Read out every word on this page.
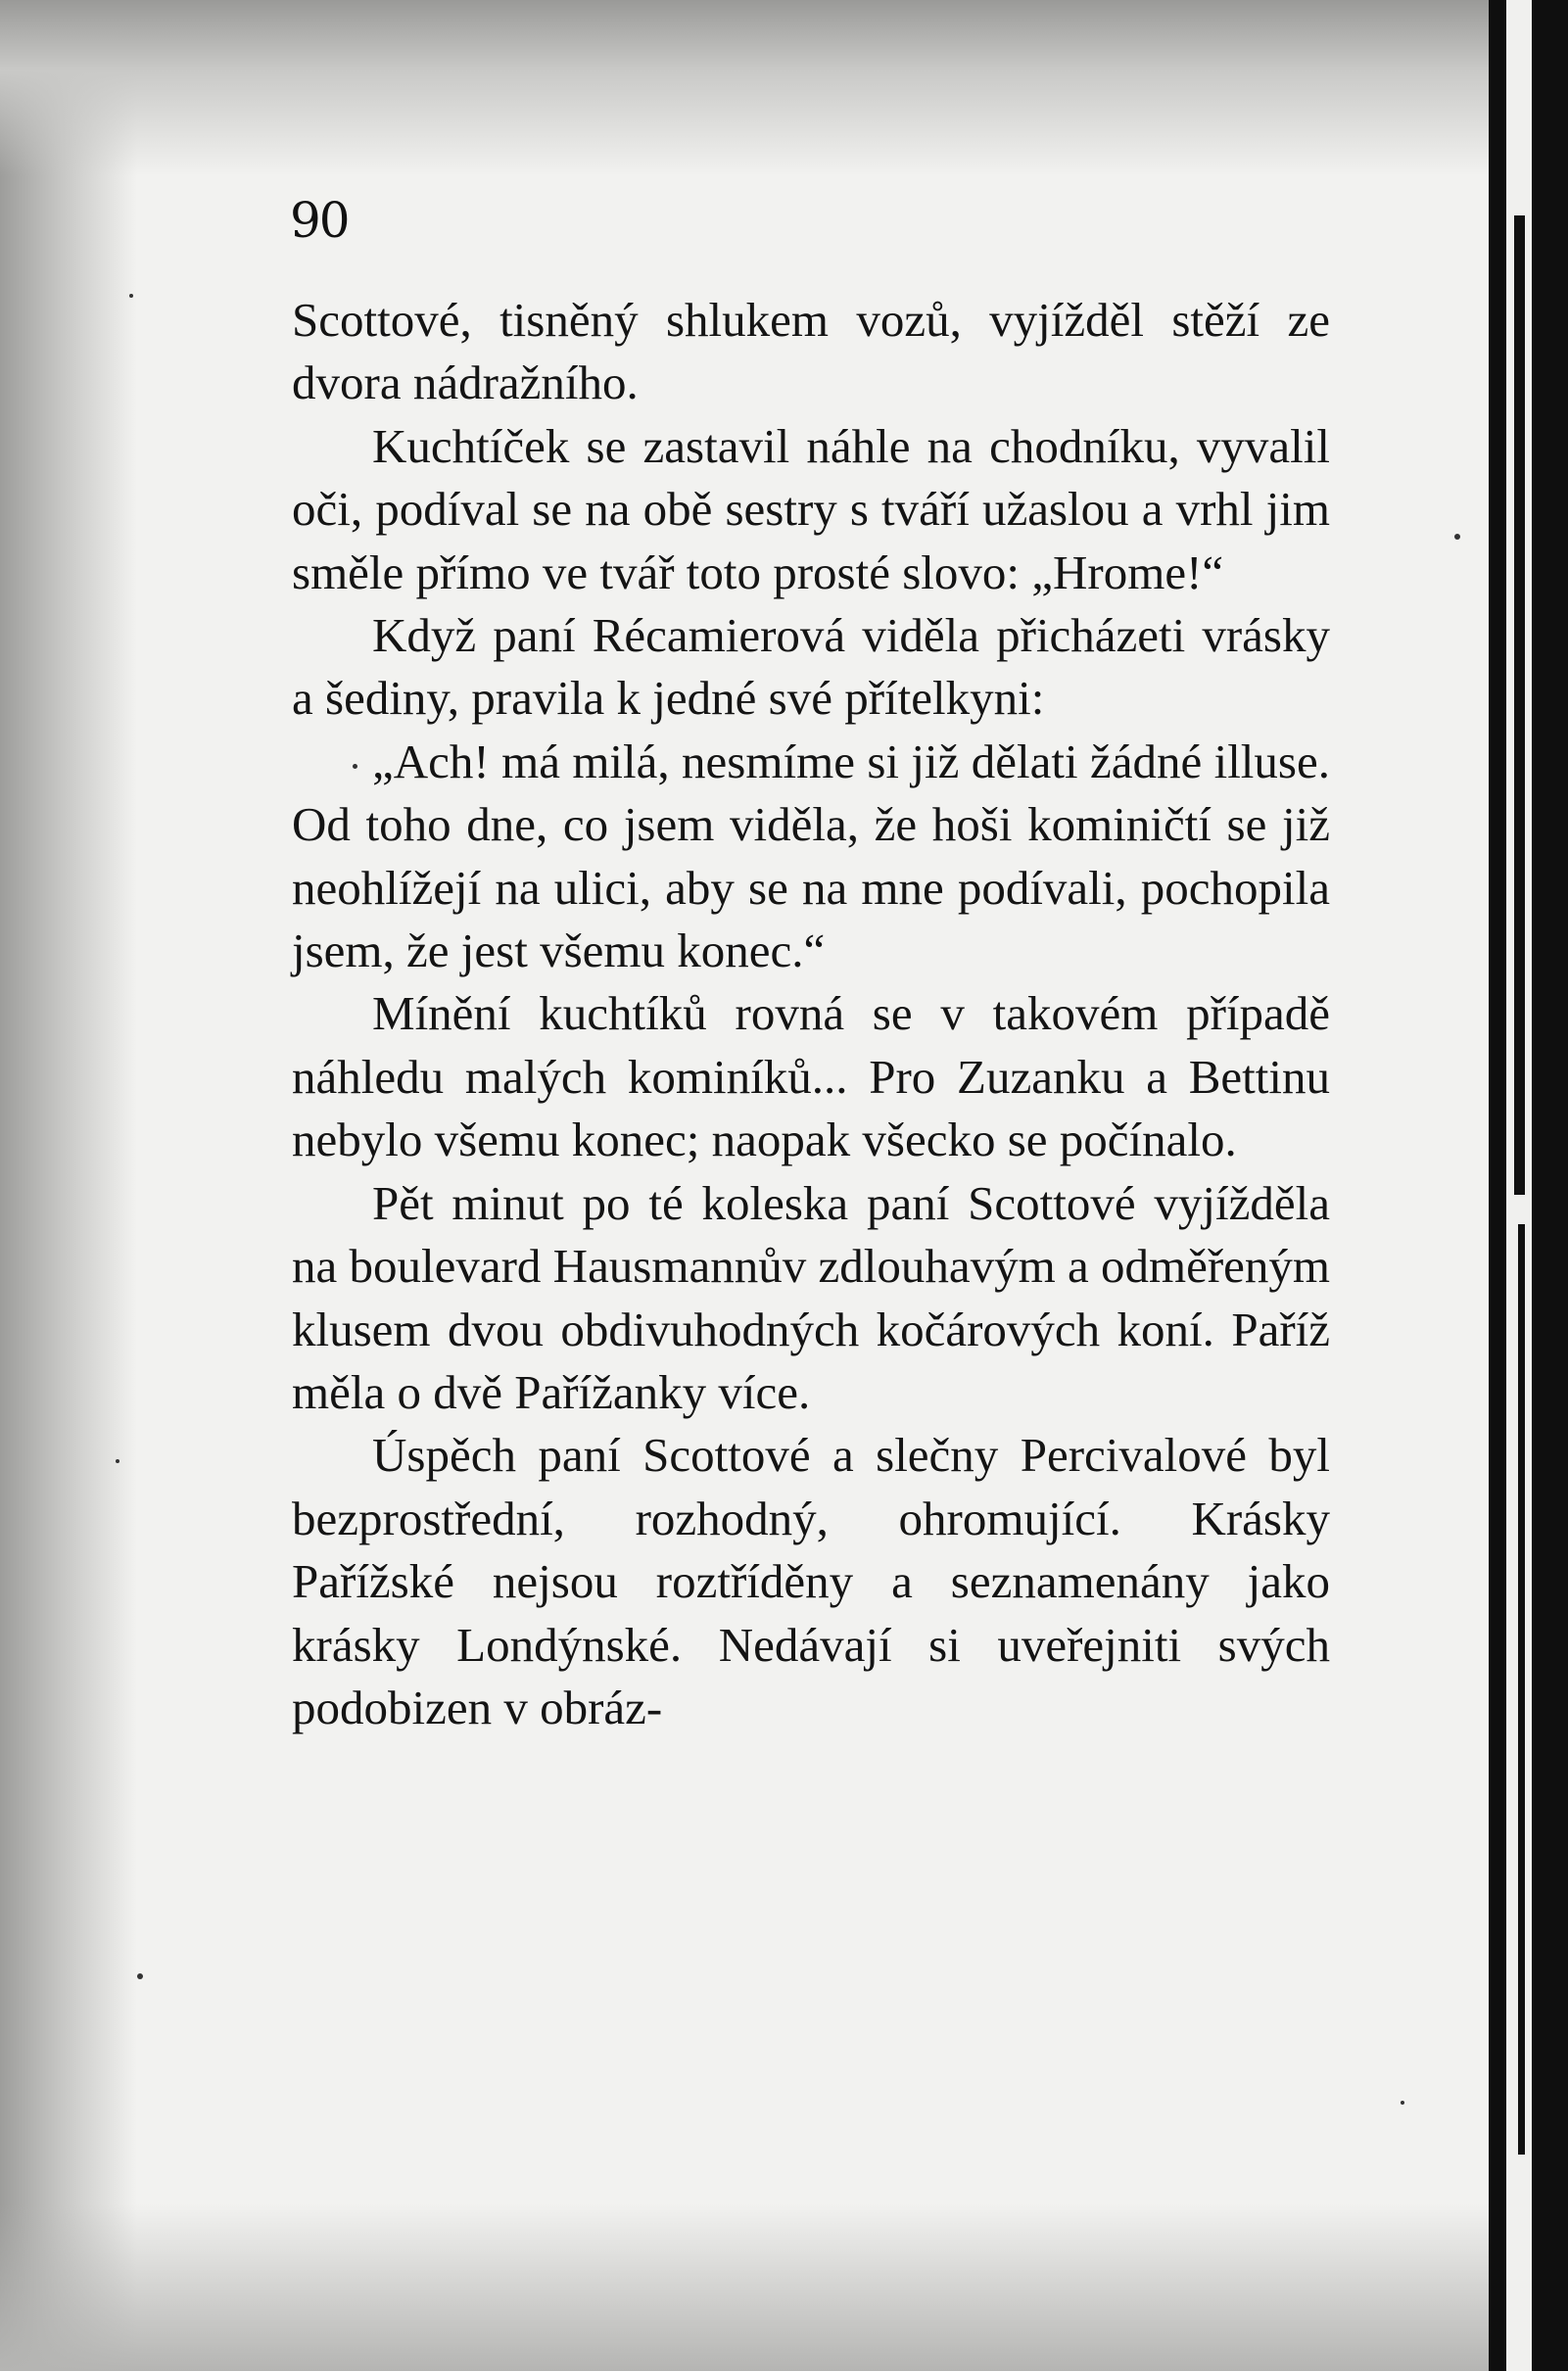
90

Scottové, tisněný shlukem vozů, vyjížděl stěží ze dvora nádražního.

Kuchtíček se zastavil náhle na chodníku, vyvalil oči, podíval se na obě sestry s tváří užaslou a vrhl jim směle přímo ve tvář toto prosté slovo: „Hrome!“

Když paní Récamierová viděla přicházeti vrásky a šediny, pravila k jedné své přítelkyni:

„Ach! má milá, nesmíme si již dělati žádné illuse. Od toho dne, co jsem viděla, že hoši kominičtí se již neohlížejí na ulici, aby se na mne podívali, pochopila jsem, že jest všemu konec.“

Mínění kuchtíků rovná se v takovém případě náhledu malých kominíků... Pro Zuzanku a Bettinu nebylo všemu konec; naopak všecko se počínalo.

Pět minut po té koleska paní Scottové vyjížděla na boulevard Hausmannův zdlouhavým a odměřeným klusem dvou obdivuhodných kočárových koní. Paříž měla o dvě Pařížanky více.

Úspěch paní Scottové a slečny Percivalové byl bezprostřední, rozhodný, ohromující. Krásky Pařížské nejsou roztříděny a seznamenány jako krásky Londýnské. Nedávají si uveřejniti svých podobizen v obráz-
